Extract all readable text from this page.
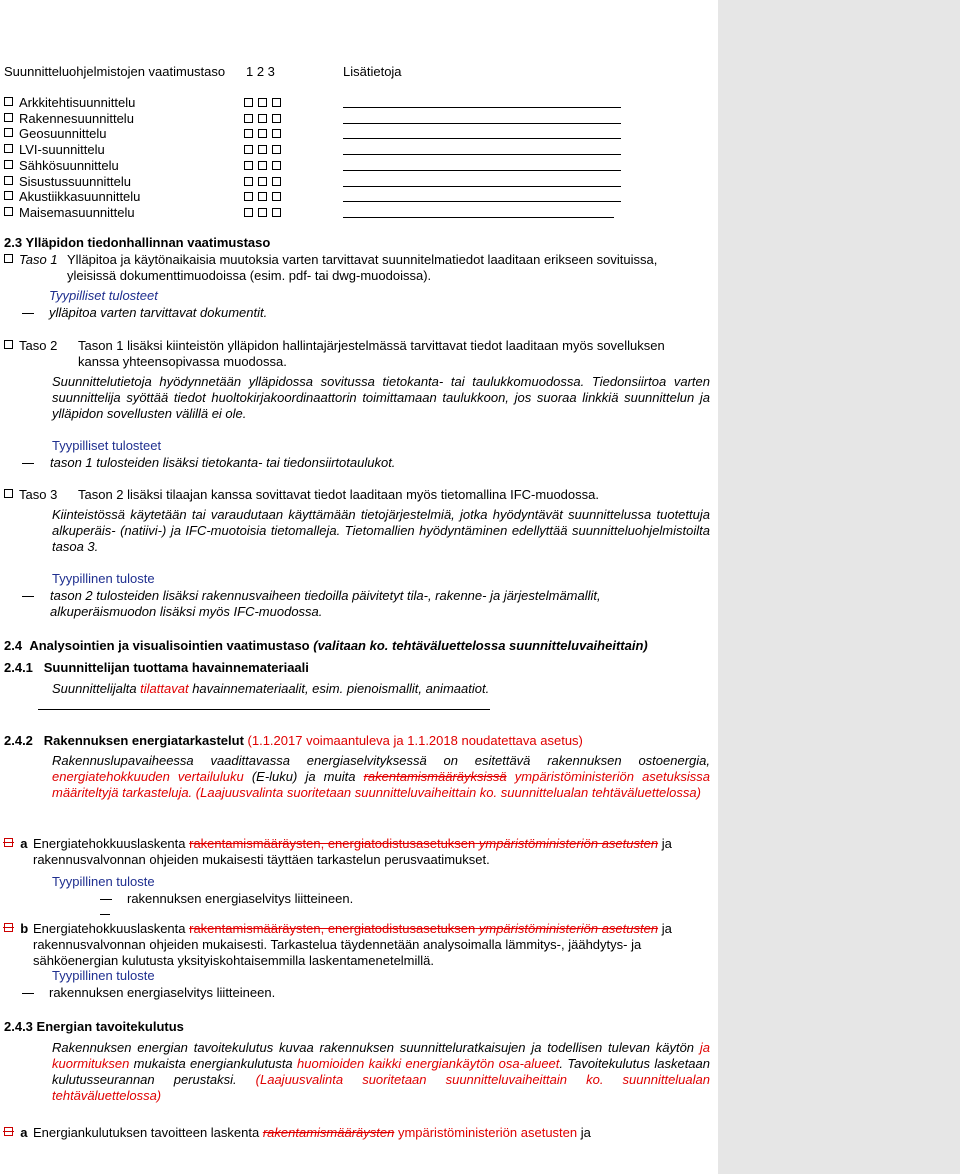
Suunnitteluohjelmistojen vaatimustaso 1 2 3	Lisätietoja
Arkkitehtisuunnittelu
Rakennesuunnittelu
Geosuunnittelu
LVI-suunnittelu
Sähkösuunnittelu
Sisustussuunnittelu
Akustiikkasuunnittelu
Maisemasuunnittelu
2.3 Ylläpidon tiedonhallinnan vaatimustaso
Taso 1 Ylläpitoa ja käytönaikaisia muutoksia varten tarvittavat suunnitelmatiedot laaditaan erikseen sovituissa,
yleisissä dokumenttimuodoissa (esim. pdf- tai dwg-muodoissa).
Tyypilliset tulosteet
ylläpitoa varten tarvittavat dokumentit.
Taso 2 Tason 1 lisäksi kiinteistön ylläpidon hallintajärjestelmässä tarvittavat tiedot laaditaan myös sovelluksen
kanssa yhteensopivassa muodossa.
Suunnittelutietoja hyödynnetään ylläpidossa sovitussa tietokanta- tai taulukkomuodossa. Tiedonsiirtoa varten suunnittelija syöttää tiedot huoltokirjakoordinaattorin toimittamaan taulukkoon, jos suoraa linkkiä suunnittelun ja ylläpidon sovellusten välillä ei ole.
Tyypilliset tulosteet
tason 1 tulosteiden lisäksi tietokanta- tai tiedonsiirtotaulukot.
Taso 3 Tason 2 lisäksi tilaajan kanssa sovittavat tiedot laaditaan myös tietomallina IFC-muodossa.
Kiinteistössä käytetään tai varaudutaan käyttämään tietojärjestelmiä, jotka hyödyntävät suunnittelussa tuotettuja alkuperäis- (natiivi-) ja IFC-muotoisia tietomalleja. Tietomallien hyödyntäminen edellyttää suunnitteluohjelmistoilta tasoa 3.
Tyypillinen tuloste
tason 2 tulosteiden lisäksi rakennusvaiheen tiedoilla päivitetyt tila-, rakenne- ja järjestelmämallit,
alkuperäismuodon lisäksi myös IFC-muodossa.
2.4 Analysointien ja visualisointien vaatimustaso (valitaan ko. tehtäväluettelossa suunnitteluvaiheittain)
2.4.1 Suunnittelijan tuottama havainnemateriaali
Suunnittelijalta tilattavat havainnemateriaalit, esim. pienoismallit, animaatiot.
2.4.2 Rakennuksen energiatarkastelut (1.1.2017 voimaantuleva ja 1.1.2018 noudatettava asetus)
Rakennuslupavaiheessa vaadittavassa energiaselvityksessä on esitettävä rakennuksen ostoenergia, energiatehokkuuden vertailuluku (E-luku) ja muita rakentamismääräyksissä ympäristöministeriön asetuksissa määriteltyjä tarkasteluja. (Laajuusvalinta suoritetaan suunnitteluvaiheittain ko. suunnittelualan tehtäväluettelossa)
a Energiatehokkuuslaskenta rakentamismääräysten, energiatodistusasetuksen ympäristöministeriön asetusten ja
rakennusvalvonnan ohjeiden mukaisesti täyttäen tarkastelun perusvaatimukset.
Tyypillinen tuloste
rakennuksen energiaselvitys liitteineen.
b Energiatehokkuuslaskenta rakentamismääräysten, energiatodistusasetuksen ympäristöministeriön asetusten ja
rakennusvalvonnan ohjeiden mukaisesti. Tarkastelua täydennetään analysoimalla lämmitys-, jäähdytys- ja
sähköenergian kulutusta yksityiskohtaisemmilla laskentamenetelmillä.
Tyypillinen tuloste
rakennuksen energiaselvitys liitteineen.
2.4.3 Energian tavoitekulutus
Rakennuksen energian tavoitekulutus kuvaa rakennuksen suunnitteluratkaisujen ja todellisen tulevan käytön ja kuormituksen mukaista energiankulutusta huomioiden kaikki energiankäytön osa-alueet. Tavoitekulutus lasketaan kulutusseurannan perustaksi. (Laajuusvalinta suoritetaan suunnitteluvaiheittain ko. suunnittelualan tehtäväluettelossa)
a Energiankulutuksen tavoitteen laskenta rakentamismääräysten ympäristöministeriön asetusten ja
